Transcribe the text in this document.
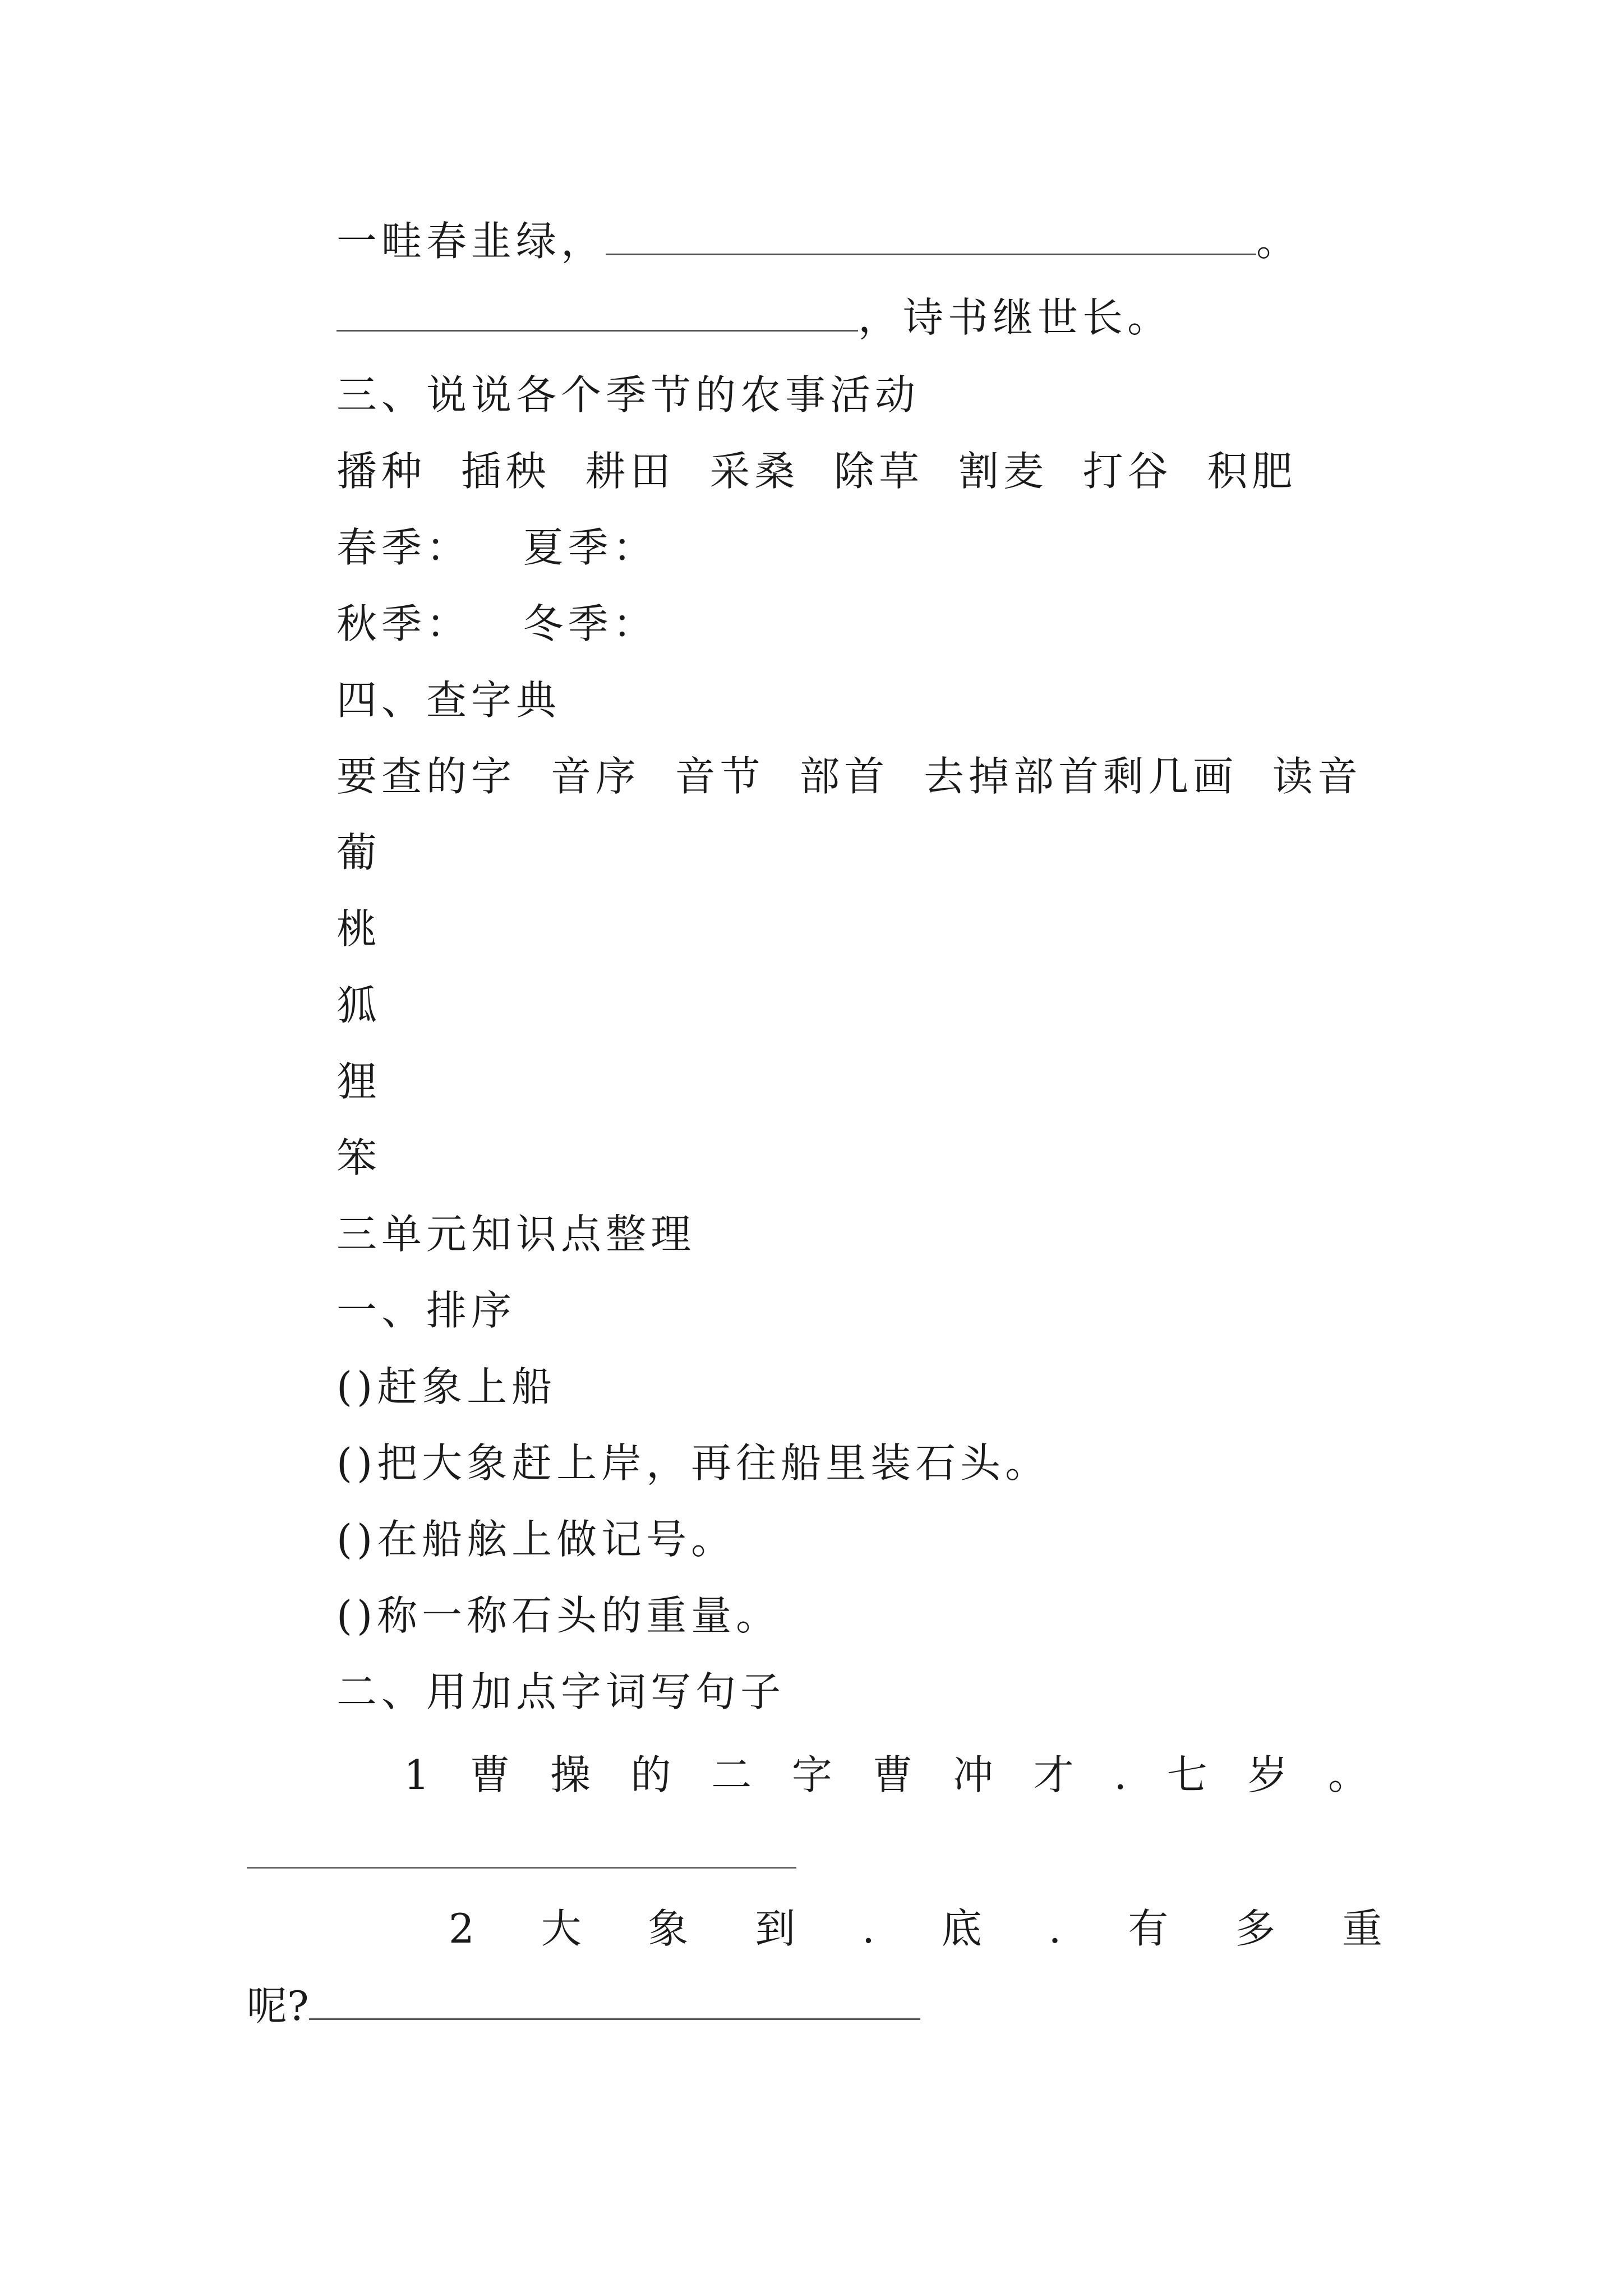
一畦春韭绿，	。
，诗书继世长。
三、说说各个季节的农事活动
播种  插秧  耕田  采桑  除草  割麦  打谷  积肥
春季：   夏季：
秋季：   冬季：
四、查字典
要查的字  音序  音节  部首  去掉部首剩几画  读音
葡
桃
狐
狸
笨
三单元知识点整理
一、排序
()赶象上船
()把大象赶上岸，再往船里装石头。
()在船舷上做记号。
()称一称石头的重量。
二、用加点字词写句子
1 曹 操 的 二 字 曹 冲 才 . 七 岁 。
2 大 象 到 . 底 . 有 多 重
呢?
